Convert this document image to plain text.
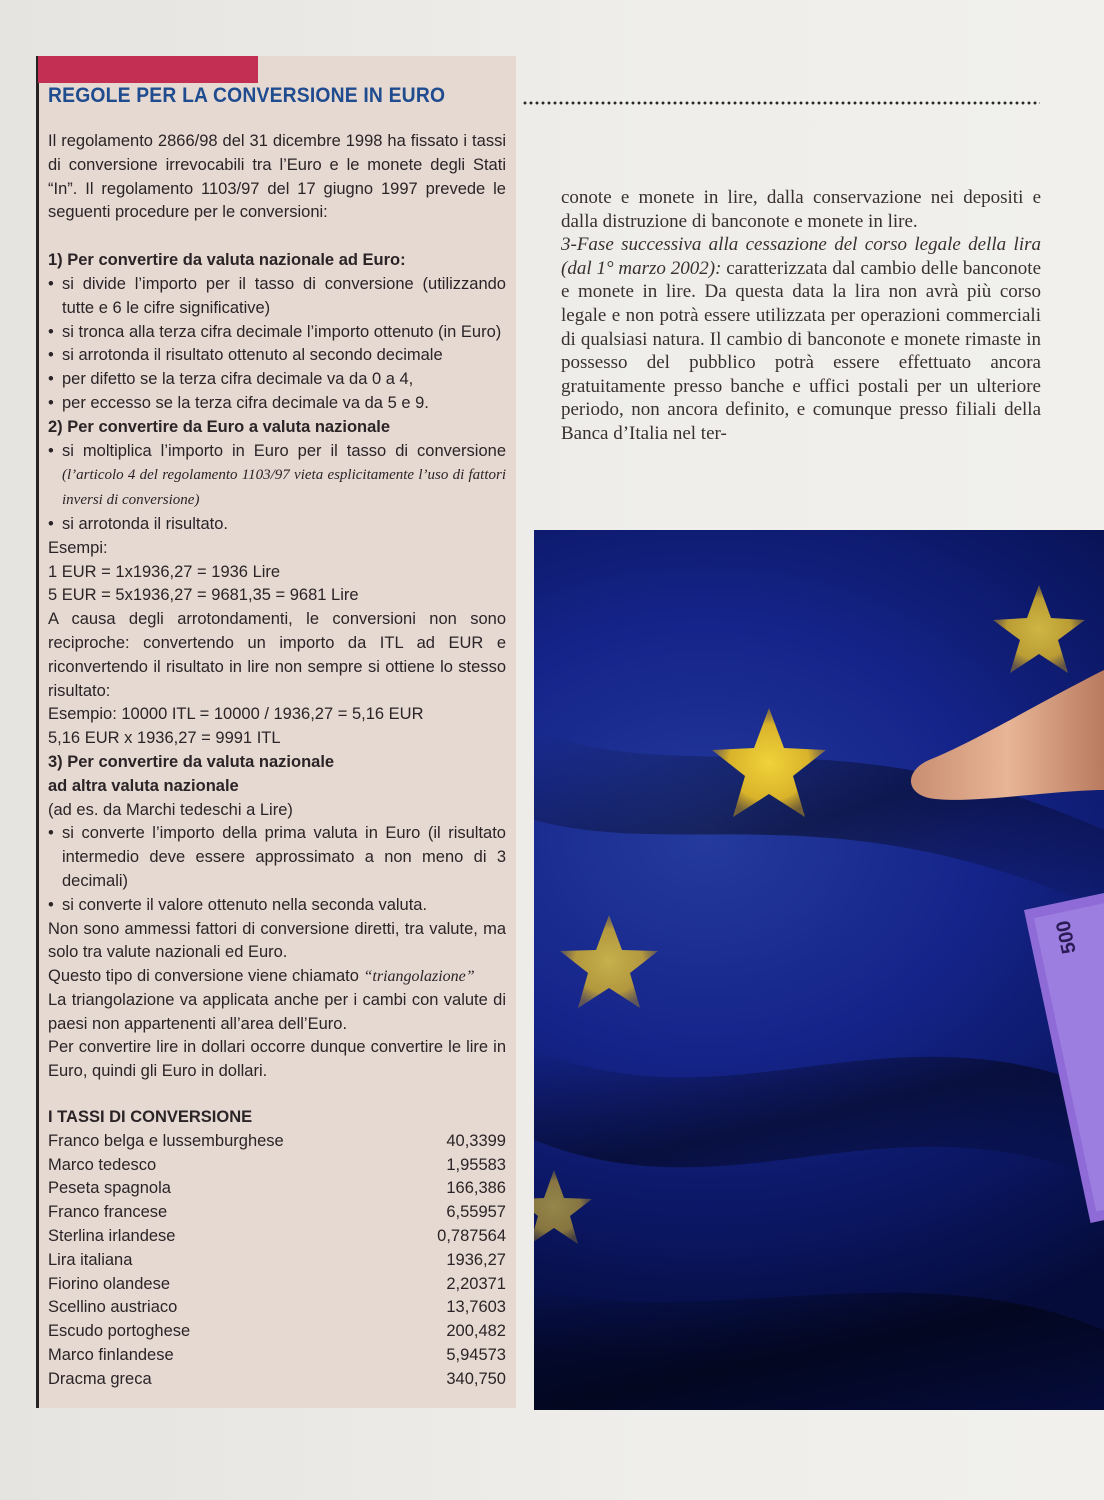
REGOLE PER LA CONVERSIONE IN EURO

Il regolamento 2866/98 del 31 dicembre 1998 ha fissato i tassi di conversione irrevocabili tra l’Euro e le monete degli Stati “In”. Il regolamento 1103/97 del 17 giugno 1997 prevede le seguenti procedure per le conversioni:

1) Per convertire da valuta nazionale ad Euro:

• si divide l’importo per il tasso di conversione (utilizzando tutte e 6 le cifre significative)
• si tronca alla terza cifra decimale l’importo ottenuto (in Euro)
• si arrotonda il risultato ottenuto al secondo decimale
• per difetto se la terza cifra decimale va da 0 a 4,
• per eccesso se la terza cifra decimale va da 5 e 9.

2) Per convertire da Euro a valuta nazionale

• si moltiplica l’importo in Euro per il tasso di conversione (l’articolo 4 del regolamento 1103/97 vieta esplicitamente l’uso di fattori inversi di conversione)
• si arrotonda il risultato.

Esempi:

1 EUR = 1x1936,27 = 1936 Lire

5 EUR = 5x1936,27 = 9681,35 = 9681 Lire

A causa degli arrotondamenti, le conversioni non sono reciproche: convertendo un importo da ITL ad EUR e riconvertendo il risultato in lire non sempre si ottiene lo stesso risultato:

Esempio: 10000 ITL = 10000 / 1936,27 = 5,16 EUR

5,16 EUR x 1936,27 = 9991 ITL

3) Per convertire da valuta nazionale

ad altra valuta nazionale

(ad es. da Marchi tedeschi a Lire)

• si converte l’importo della prima valuta in Euro (il risultato intermedio deve essere approssimato a non meno di 3 decimali)
• si converte il valore ottenuto nella seconda valuta.

Non sono ammessi fattori di conversione diretti, tra valute, ma solo tra valute nazionali ed Euro.

Questo tipo di conversione viene chiamato “triangolazione”

La triangolazione va applicata anche per i cambi con valute di paesi non appartenenti all’area dell’Euro.

Per convertire lire in dollari occorre dunque convertire le lire in Euro, quindi gli Euro in dollari.

I TASSI DI CONVERSIONE

Franco belga e lussemburghese	40,3399
Marco tedesco	1,95583
Peseta spagnola	166,386
Franco francese	6,55957
Sterlina irlandese	0,787564
Lira italiana	1936,27
Fiorino olandese	2,20371
Scellino austriaco	13,7603
Escudo portoghese	200,482
Marco finlandese	5,94573
Dracma greca	340,750

conote e monete in lire, dalla conservazione nei depositi e dalla distruzione di banconote e monete in lire.

3-Fase successiva alla cessazione del corso legale della lira (dal 1° marzo 2002): caratterizzata dal cambio delle banconote e monete in lire. Da questa data la lira non avrà più corso legale e non potrà essere utilizzata per operazioni commerciali di qualsiasi natura. Il cambio di banconote e monete rimaste in possesso del pubblico potrà essere effettuato ancora gratuitamente presso banche e uffici postali per un ulteriore periodo, non ancora definito, e comunque presso filiali della Banca d’Italia nel ter-

500
